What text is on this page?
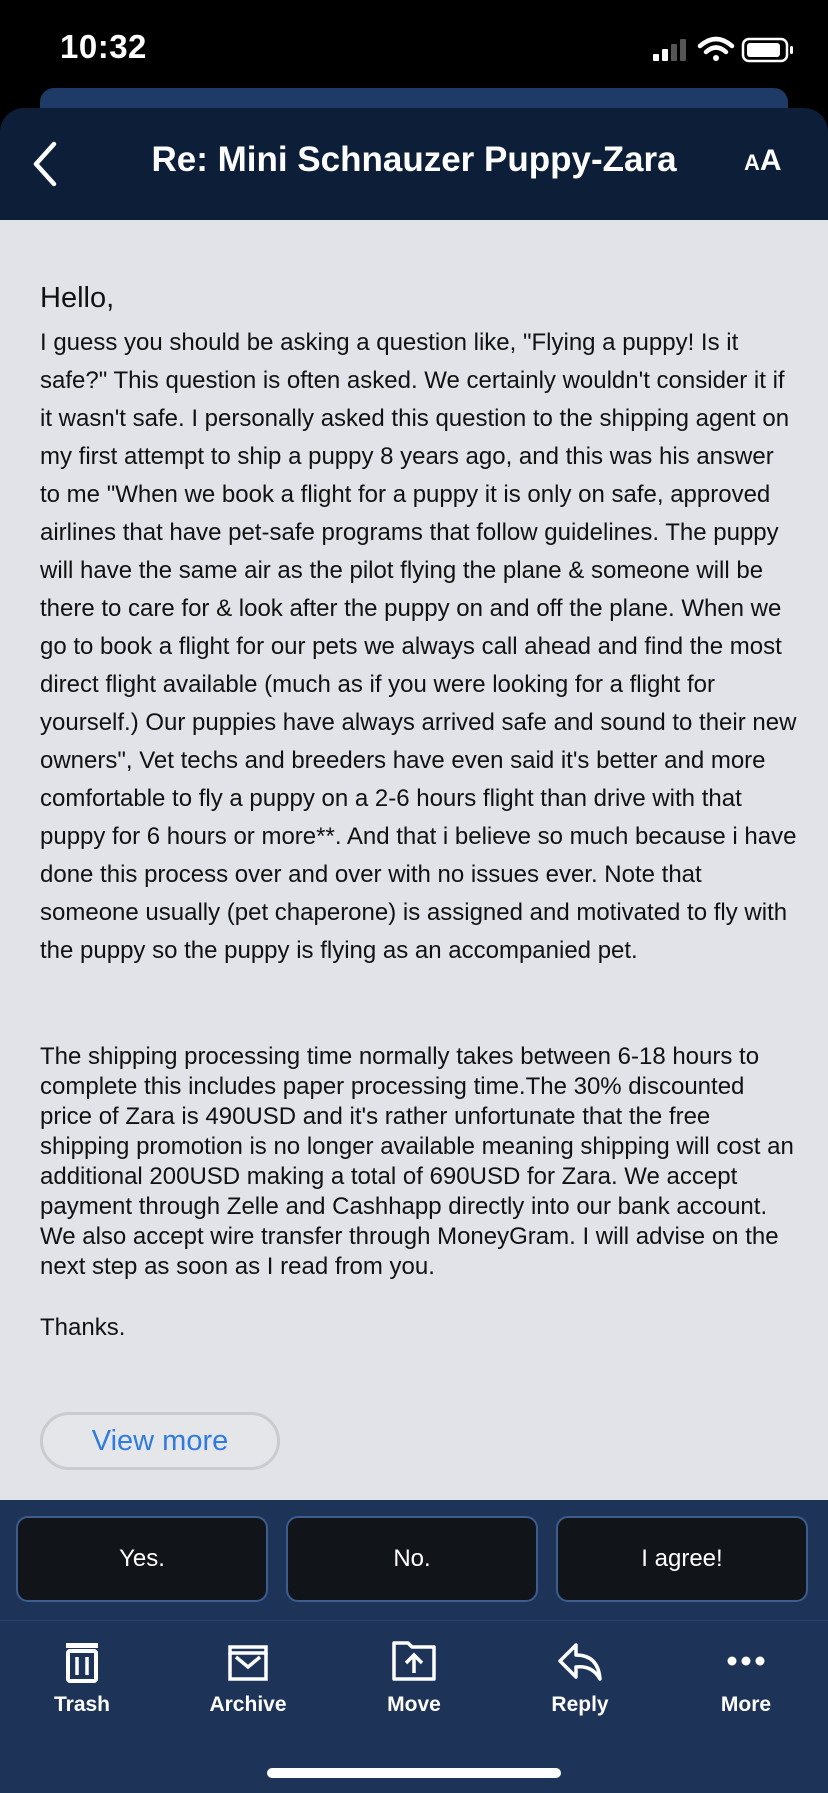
10:32
Re: Mini Schnauzer Puppy-Zara	AA
Hello,

I guess you should be asking a question like, "Flying a puppy! Is it safe?" This question is often asked. We certainly wouldn't consider it if it wasn't safe. I personally asked this question to the shipping agent on my first attempt to ship a puppy 8 years ago, and this was his answer to me "When we book a flight for a puppy it is only on safe, approved airlines that have pet-safe programs that follow guidelines. The puppy will have the same air as the pilot flying the plane & someone will be there to care for & look after the puppy on and off the plane. When we go to book a flight for our pets we always call ahead and find the most direct flight available (much as if you were looking for a flight for yourself.) Our puppies have always arrived safe and sound to their new owners", Vet techs and breeders have even said it's better and more comfortable to fly a puppy on a 2-6 hours flight than drive with that puppy for 6 hours or more**. And that i believe so much because i have done this process over and over with no issues ever. Note that someone usually (pet chaperone) is assigned and motivated to fly with the puppy so the puppy is flying as an accompanied pet.

The shipping processing time normally takes between 6-18 hours to complete this includes paper processing time.The 30% discounted price of Zara is 490USD and it's rather unfortunate that the free shipping promotion is no longer available meaning shipping will cost an additional 200USD making a total of 690USD for Zara. We accept payment through Zelle and Cashhapp directly into our bank account. We also accept wire transfer through MoneyGram. I will advise on the next step as soon as I read from you.

Thanks.
View more
Yes.	No.	I agree!
Trash	Archive	Move	Reply	More
